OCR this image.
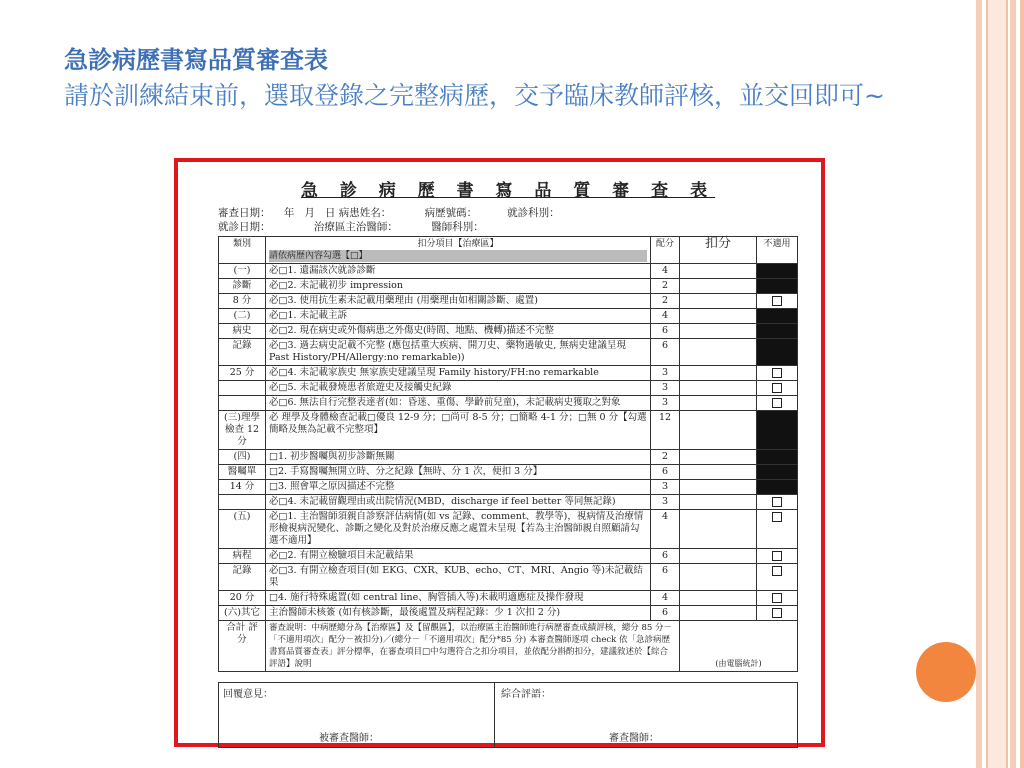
急診病歷書寫品質審查表
請於訓練結束前，選取登錄之完整病歷，交予臨床教師評核，並交回即可~
急 診 病 歷 書 寫 品 質 審 查 表
審查日期：    年   月   日 病患姓名：          病歷號碼：         就診科別：
就診日期：             治療區主治醫師：          醫師科別：
類別	扣分項目【治療區】
請依病歷內容勾選【□】	配分	扣分	不適用
(一)	必□1. 遺漏該次就診診斷	4		
診斷	必□2. 未記載初步 impression	2		
8 分	必□3. 使用抗生素未記載用藥理由 (用藥理由如相關診斷、處置)	2		
(二)	必□1. 未記載主訴	4		
病史	必□2. 現在病史或外傷病患之外傷史(時間、地點、機轉)描述不完整	6		
記錄	必□3. 過去病史記載不完整 (應包括重大疾病、開刀史、藥物過敏史, 無病史建議呈現 Past History/PH/Allergy:no remarkable))	6		
25 分	必□4. 未記載家族史 無家族史建議呈現 Family history/FH:no remarkable	3		
	必□5. 未記載發燒患者旅遊史及接觸史紀錄	3		
	必□6. 無法自行完整表達者(如：昏迷、重傷、學齡前兒童)，未記載病史獲取之對象	3		
(三)理學檢查 12 分	必 理學及身體檢查記載□優良 12-9 分；□尚可 8-5 分；□簡略 4-1 分；□無 0 分【勾選簡略及無為記載不完整項】	12		
(四)	□1. 初步醫囑與初步診斷無關	2		
醫囑單	□2. 手寫醫囑無開立時、分之紀錄【無時、分 1 次，便扣 3 分】	6		
14 分	□3. 照會單之原因描述不完整	3		
	必□4. 未記載留觀理由或出院情況(MBD，discharge if feel better 等同無記錄)	3		
(五)	必□1. 主治醫師須親自診察評估病情(如 vs 記錄、comment、教學等)，視病情及治療情形檢視病況變化、診斷之變化及對於治療反應之處置未呈現【若為主治醫師親自照顧請勾選不適用】	4		
病程	必□2. 有開立檢驗項目未記載結果	6		
記錄	必□3. 有開立檢查項目(如 EKG、CXR、KUB、echo、CT、MRI、Angio 等)未記載結果	6		
20 分	□4. 施行特殊處置(如 central line、胸管插入等)未載明適應症及操作發現	4		
(六)其它	主治醫師未核簽 (如有核診斷，最後處置及病程記錄：少 1 次扣 2 分)	6		
合計 評分	審查說明：中病歷總分為【治療區】及【留觀區】，以治療區主治醫師進行病歷審查成績評核，總分 85 分－「不適用項次」配分－被扣分)／(總分－「不適用項次」配分*85 分) 本審查醫師逐項 check 依「急診病歷書寫品質審查表」評分標準，在審查項目□中勾選符合之扣分項目，並依配分斟酌扣分，建議敘述於【綜合評語】說明		(由電腦統計)	
回覆意見：
被審查醫師：
綜合評語：
審查醫師：
